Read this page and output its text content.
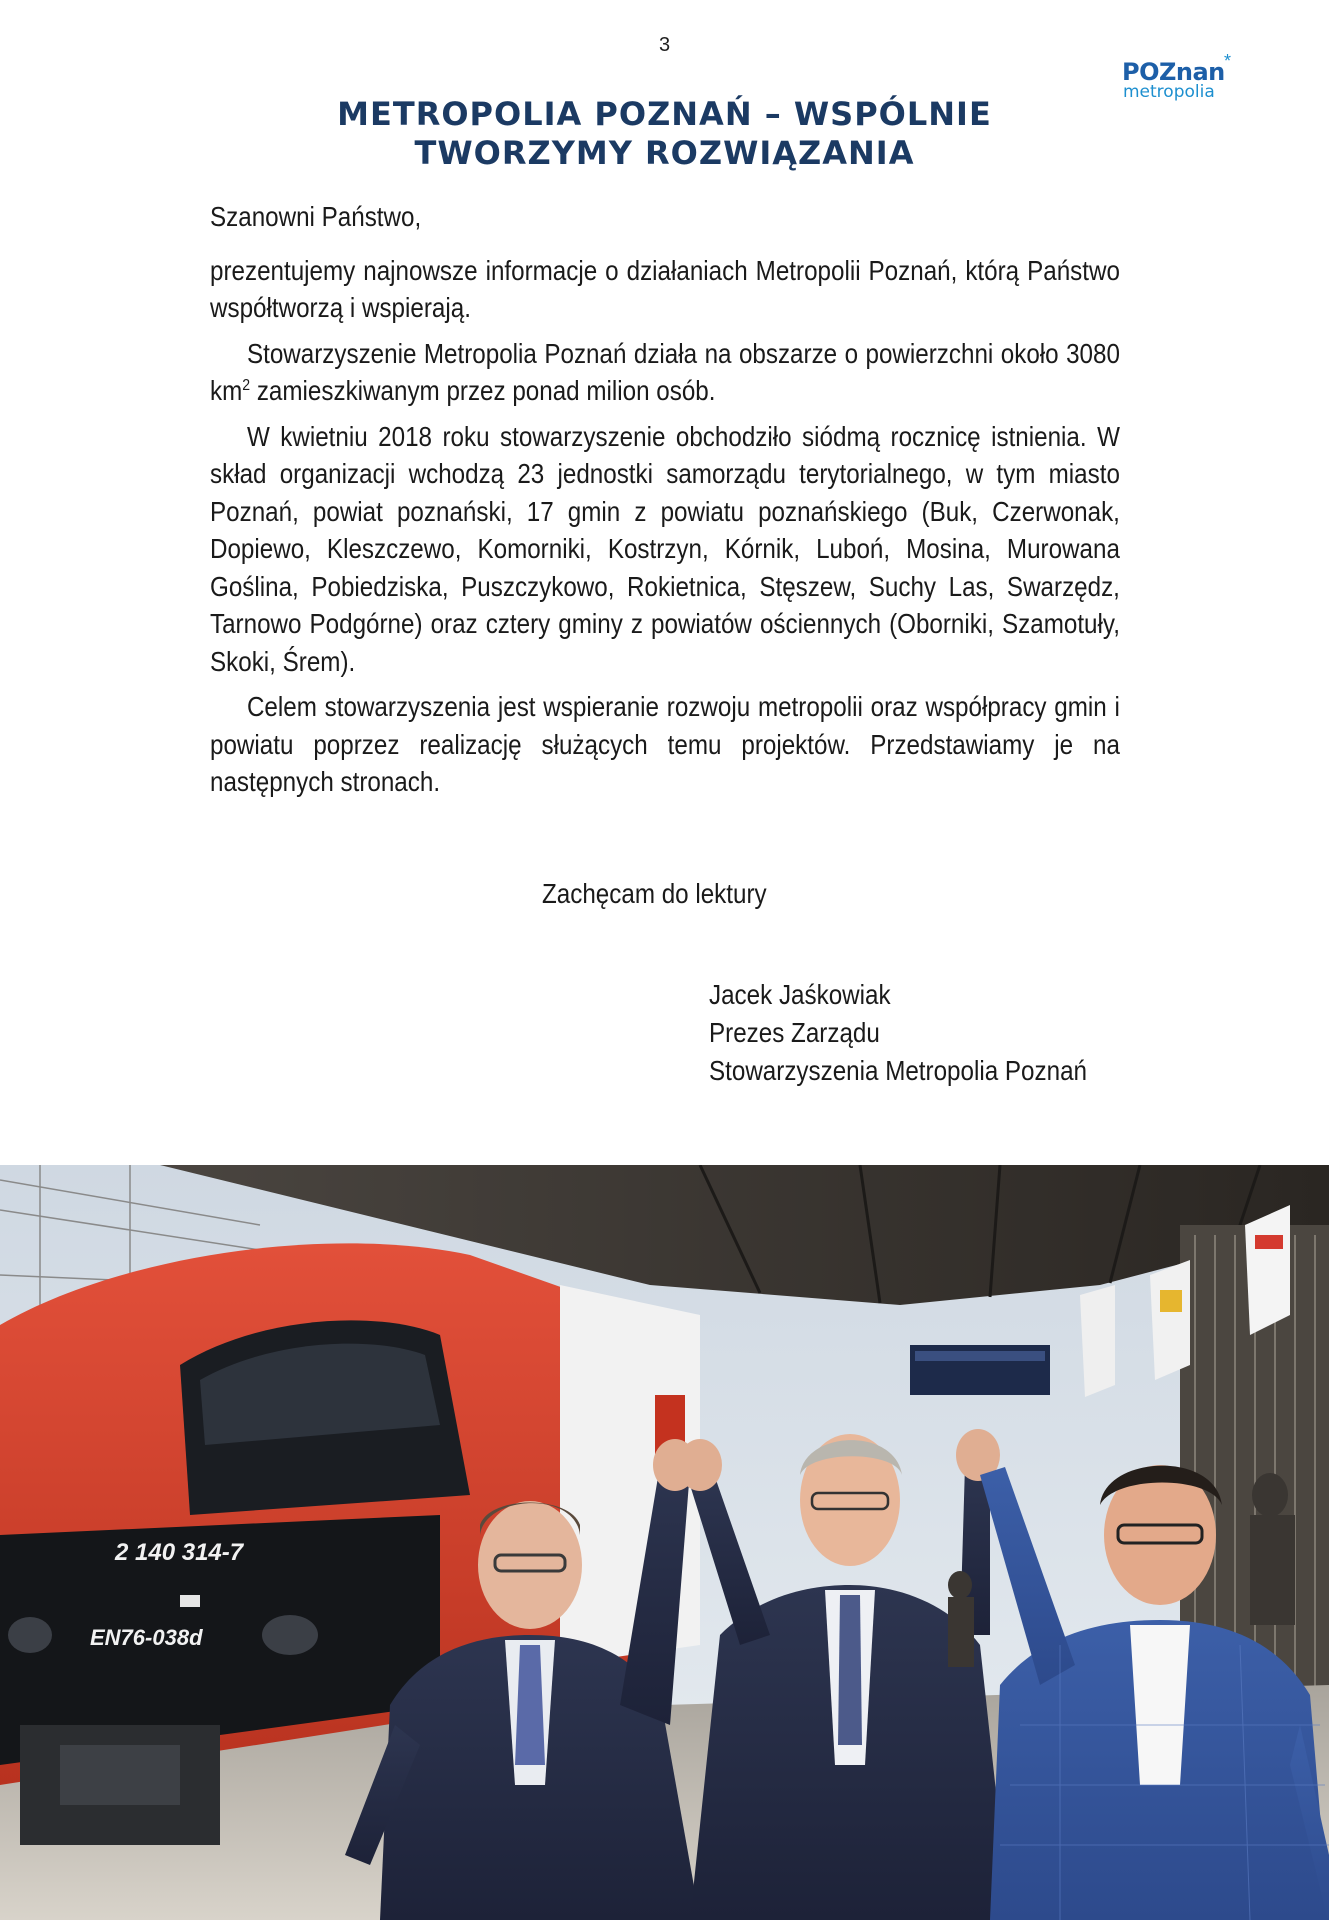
3
POZnan *
metropolia
METROPOLIA POZNAŃ – WSPÓLNIE
TWORZYMY ROZWIĄZANIA

Szanowni Państwo,

prezentujemy najnowsze informacje o działaniach Metropolii Poznań, którą Państwo współtworzą i wspierają.

Stowarzyszenie Metropolia Poznań działa na obszarze o powierzchni około 3080 $km^2$ zamieszkiwanym przez ponad milion osób.

W kwietniu 2018 roku stowarzyszenie obchodziło siódmą rocznicę istnienia. W skład organizacji wchodzą 23 jednostki samorządu terytorialnego, w tym miasto Poznań, powiat poznański, 17 gmin z powiatu poznańskiego (Buk, Czerwonak, Dopiewo, Kleszczewo, Komorniki, Kostrzyn, Kórnik, Luboń, Mosina, Murowana Goślina, Pobiedziska, Puszczykowo, Rokietnica, Stęszew, Suchy Las, Swarzędz, Tarnowo Podgórne) oraz cztery gminy z powiatów ościennych (Oborniki, Szamotuły, Skoki, Śrem).

Celem stowarzyszenia jest wspieranie rozwoju metropolii oraz współpracy gmin i powiatu poprzez realizację służących temu projektów. Przedstawiamy je na następnych stronach.

Zachęcam do lektury
Jacek Jaśkowiak
Prezes Zarządu
Stowarzyszenia Metropolia Poznań
2 140 314-7
EN76-038d
